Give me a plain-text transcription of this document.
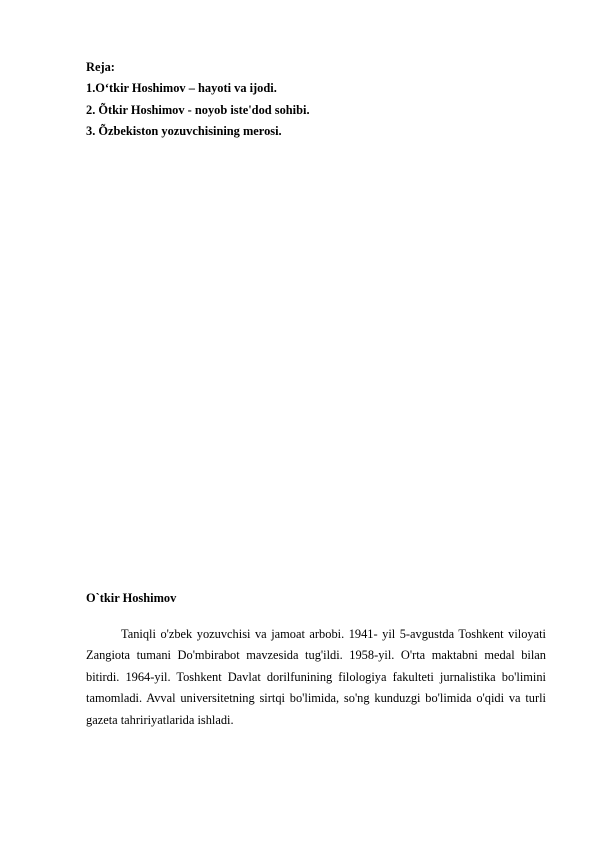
Reja:
1.O‘tkir Hoshimov – hayoti va ijodi.
2. Õtkir Hoshimov - noyob iste'dod sohibi.
3. Õzbekiston yozuvchisining merosi.
O`tkir Hoshimov

Taniqli o'zbek yozuvchisi va jamoat arbobi. 1941- yil 5-avgustda Toshkent viloyati Zangiota tumani Do'mbirabot mavzesida tug'ildi. 1958-yil. O'rta maktabni medal bilan bitirdi. 1964-yil. Toshkent Davlat dorilfunining filologiya fakulteti jurnalistika bo'limini tamomladi. Avval universitetning sirtqi bo'limida, so'ng kunduzgi bo'limida o'qidi va turli gazeta tahririyatlarida ishladi.
